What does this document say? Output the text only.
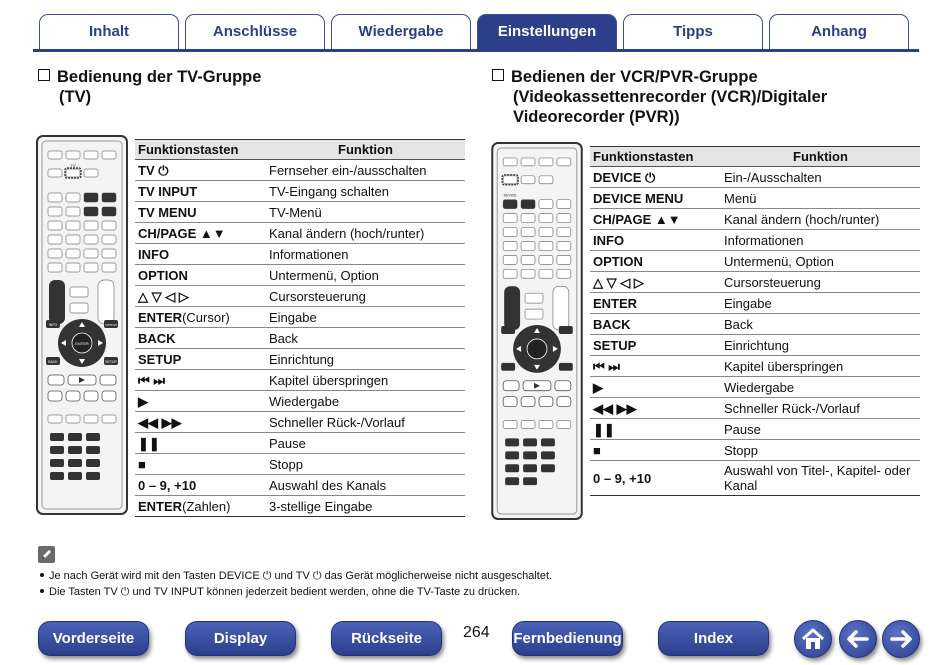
Inhalt	Anschlüsse	Wiedergabe	Einstellungen	Tipps	Anhang
Bedienung der TV-Gruppe
(TV)
TV
INFO	OPTION
ENTER
BACK	SETUP
Funktionstasten	Funktion
TV ⏻	Fernseher ein-/ausschalten
TV INPUT	TV-Eingang schalten
TV MENU	TV-Menü
CH/PAGE ▲▼	Kanal ändern (hoch/runter)
INFO	Informationen
OPTION	Untermenü, Option
△ ▽ ◁ ▷	Cursorsteuerung
ENTER(Cursor)	Eingabe
BACK	Back
SETUP	Einrichtung
⏮ ⏭	Kapitel überspringen
▶	Wiedergabe
◀◀ ▶▶	Schneller Rück-/Vorlauf
❚❚	Pause
■	Stopp
0 – 9, +10	Auswahl des Kanals
ENTER(Zahlen)	3-stellige Eingabe
Bedienen der VCR/PVR-Gruppe
(Videokassettenrecorder (VCR)/Digitaler
Videorecorder (PVR))
DEVICE
Funktionstasten	Funktion
DEVICE ⏻	Ein-/Ausschalten
DEVICE MENU	Menü
CH/PAGE ▲▼	Kanal ändern (hoch/runter)
INFO	Informationen
OPTION	Untermenü, Option
△ ▽ ◁ ▷	Cursorsteuerung
ENTER	Eingabe
BACK	Back
SETUP	Einrichtung
⏮ ⏭	Kapitel überspringen
▶	Wiedergabe
◀◀ ▶▶	Schneller Rück-/Vorlauf
❚❚	Pause
■	Stopp
0 – 9, +10	Auswahl von Titel-, Kapitel- oder
Kanal
Je nach Gerät wird mit den Tasten DEVICE ⏻ und TV ⏻ das Gerät möglicherweise nicht ausgeschaltet.
Die Tasten TV ⏻ und TV INPUT können jederzeit bedient werden, ohne die TV-Taste zu drücken.
Vorderseite	Display	Rückseite	264 Fernbedienung	Index
